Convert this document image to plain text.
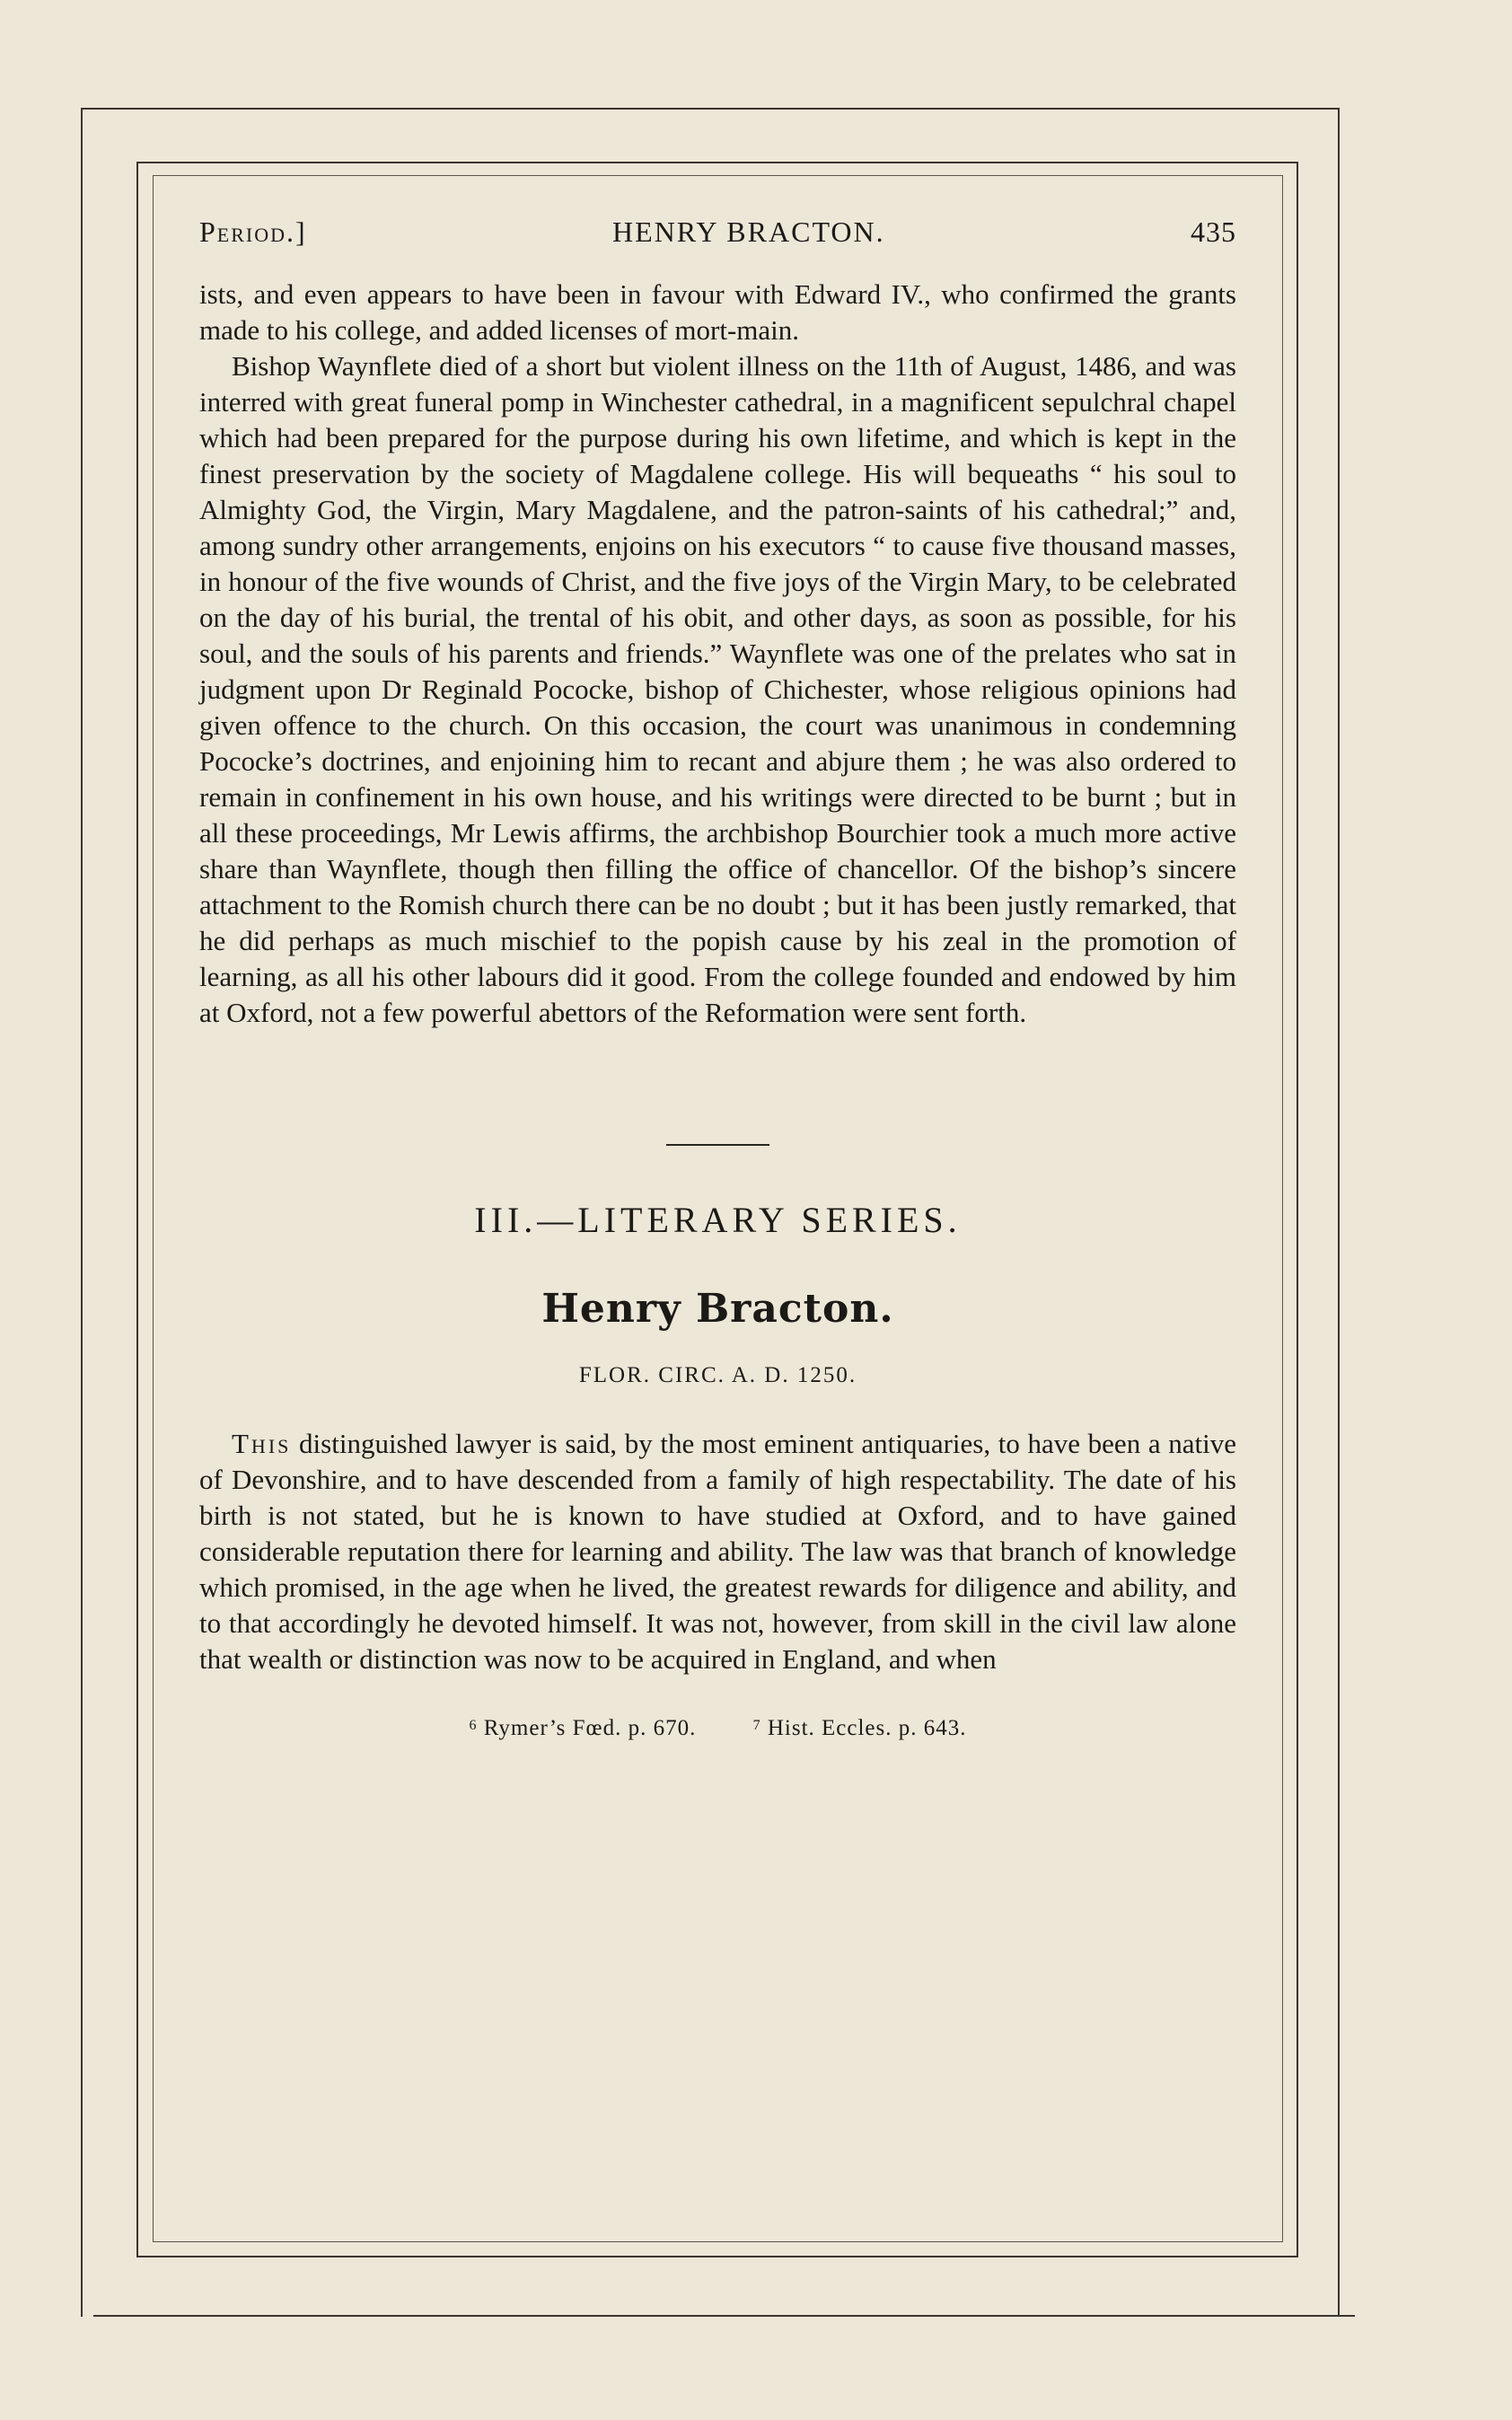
Period.]	HENRY BRACTON.	435

ists, and even appears to have been in favour with Edward IV., who confirmed the grants made to his college, and added licenses of mort-main.

Bishop Waynflete died of a short but violent illness on the 11th of August, 1486, and was interred with great funeral pomp in Winchester cathedral, in a magnificent sepulchral chapel which had been prepared for the purpose during his own lifetime, and which is kept in the finest preservation by the society of Magdalene college. His will bequeaths “ his soul to Almighty God, the Virgin, Mary Magdalene, and the patron-saints of his cathedral;” and, among sundry other arrangements, enjoins on his executors “ to cause five thousand masses, in honour of the five wounds of Christ, and the five joys of the Virgin Mary, to be celebrated on the day of his burial, the trental of his obit, and other days, as soon as possible, for his soul, and the souls of his parents and friends.” Waynflete was one of the prelates who sat in judgment upon Dr Reginald Pococke, bishop of Chichester, whose religious opinions had given offence to the church. On this occasion, the court was unanimous in condemning Pococke’s doctrines, and enjoining him to recant and abjure them ; he was also ordered to remain in confinement in his own house, and his writings were directed to be burnt ; but in all these proceedings, Mr Lewis affirms, the archbishop Bourchier took a much more active share than Waynflete, though then filling the office of chancellor. Of the bishop’s sincere attachment to the Romish church there can be no doubt ; but it has been justly remarked, that he did perhaps as much mischief to the popish cause by his zeal in the promotion of learning, as all his other labours did it good. From the college founded and endowed by him at Oxford, not a few powerful abettors of the Reformation were sent forth.

III.—LITERARY SERIES.
Henry Bracton.
FLOR. CIRC. A. D. 1250.

This distinguished lawyer is said, by the most eminent antiquaries, to have been a native of Devonshire, and to have descended from a family of high respectability. The date of his birth is not stated, but he is known to have studied at Oxford, and to have gained considerable reputation there for learning and ability. The law was that branch of knowledge which promised, in the age when he lived, the greatest rewards for diligence and ability, and to that accordingly he devoted himself. It was not, however, from skill in the civil law alone that wealth or distinction was now to be acquired in England, and when

$^6$ Rymer’s Fœd. p. 670.	$^7$ Hist. Eccles. p. 643.
